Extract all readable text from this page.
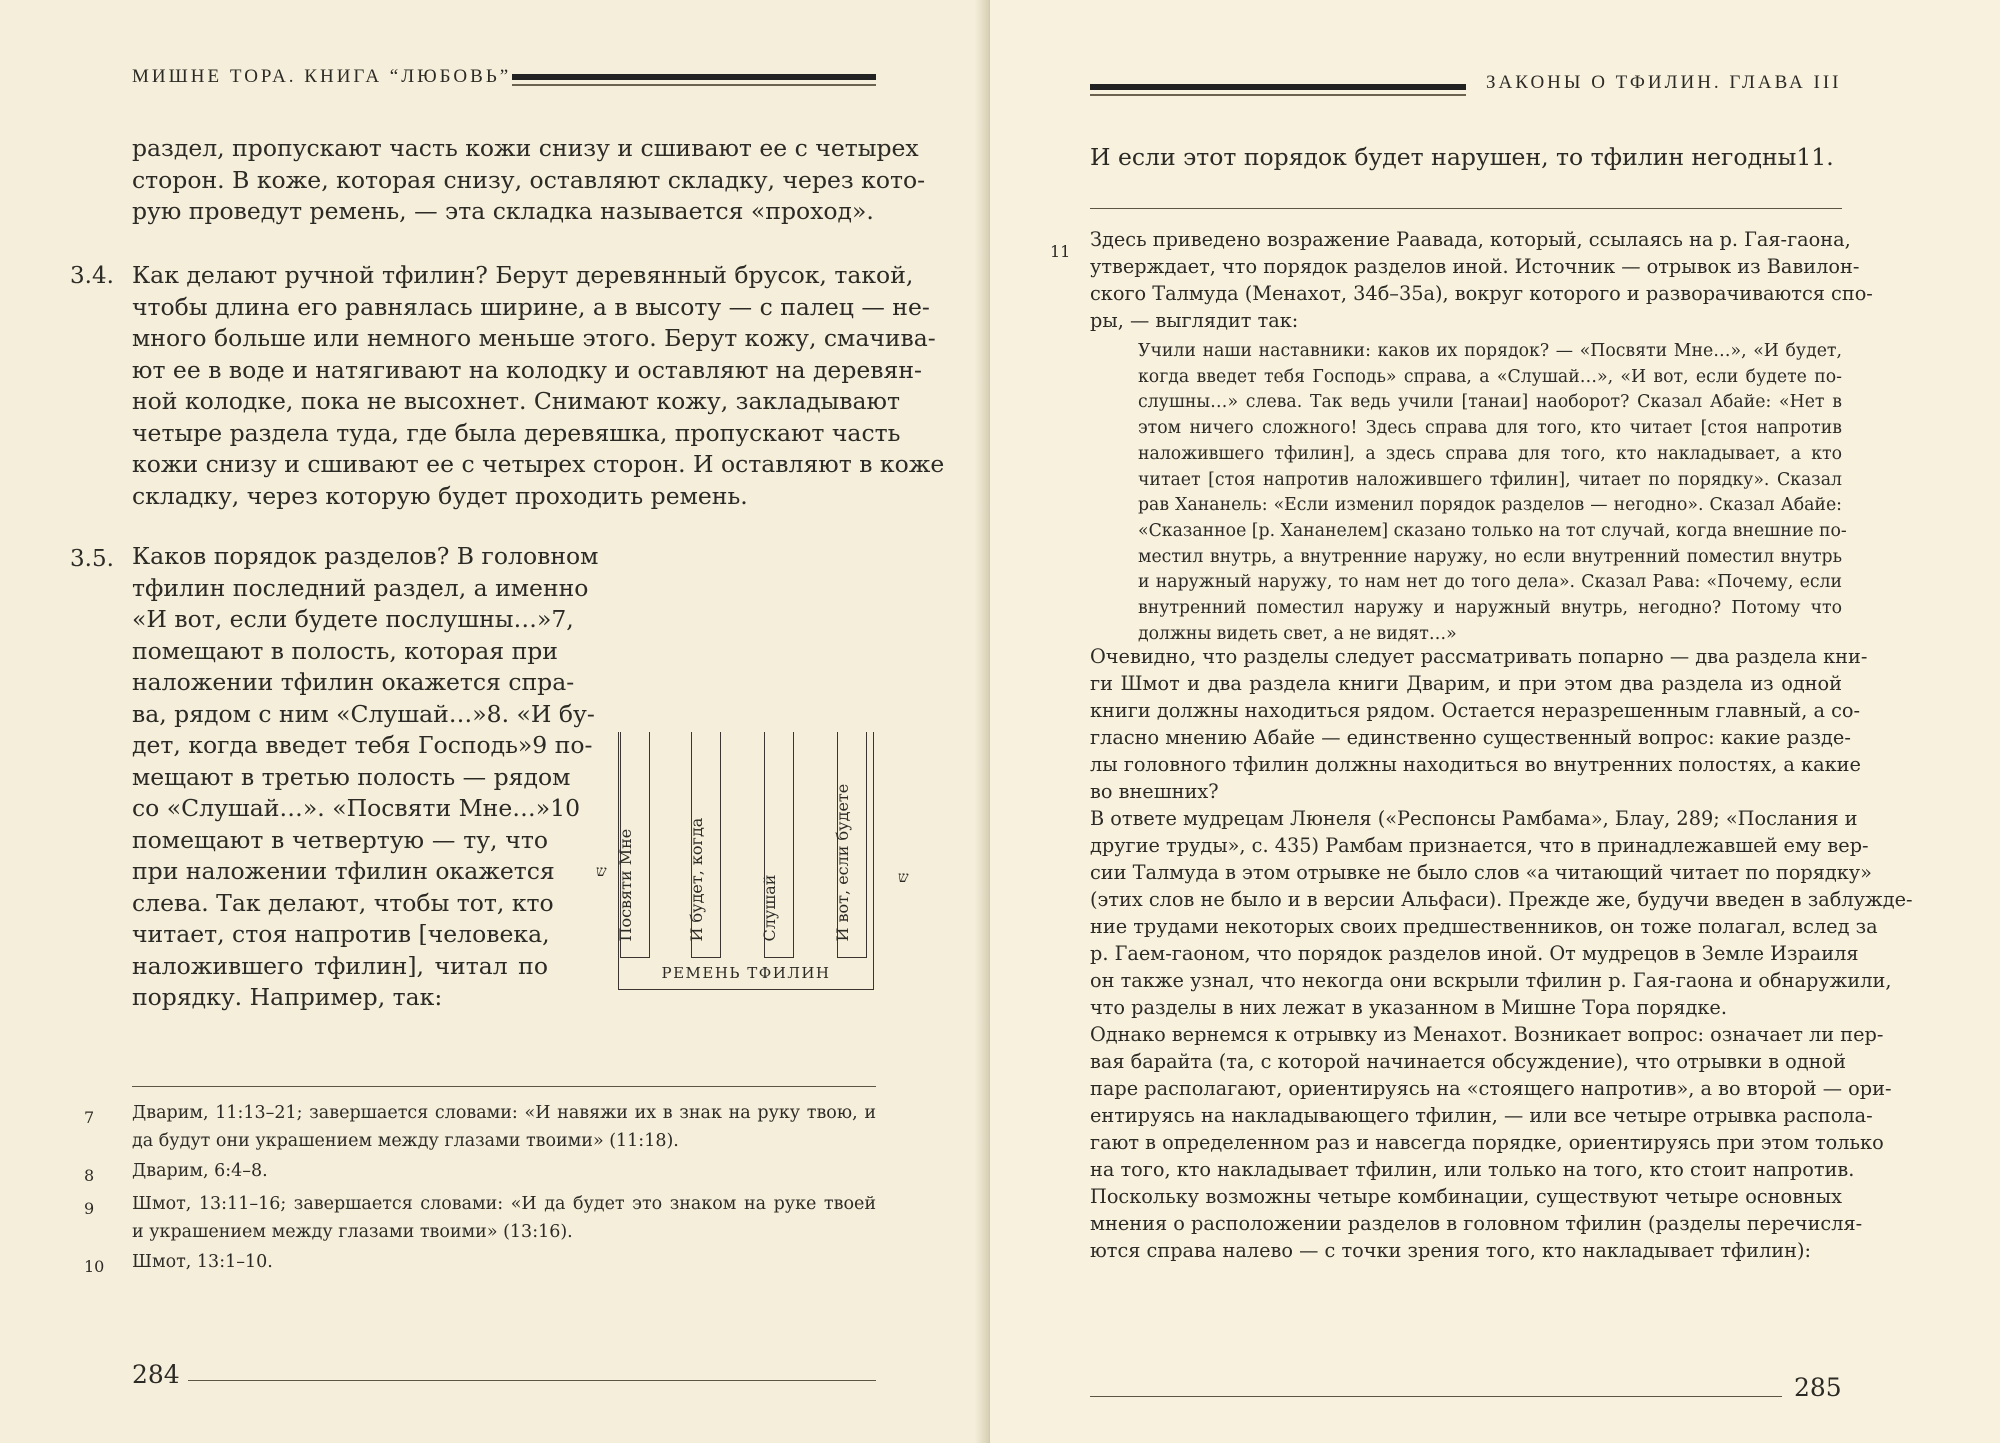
МИШНЕ ТОРА. КНИГА “ЛЮБОВЬ”
раздел, пропускают часть кожи снизу и сшивают ее с четырех
сторон. В коже, которая снизу, оставляют складку, через кото-
рую проведут ремень, — эта складка называется «проход».
3.4. Как делают ручной тфилин? Берут деревянный брусок, такой,
чтобы длина его равнялась ширине, а в высоту — с палец — не-
много больше или немного меньше этого. Берут кожу, смачива-
ют ее в воде и натягивают на колодку и оставляют на деревян-
ной колодке, пока не высохнет. Снимают кожу, закладывают
четыре раздела туда, где была деревяшка, пропускают часть
кожи снизу и сшивают ее с четырех сторон. И оставляют в коже
складку, через которую будет проходить ремень.
3.5. Каков порядок разделов? В головном
тфилин последний раздел, а именно
«И вот, если будете послушны…»7,
помещают в полость, которая при
наложении тфилин окажется спра-
ва, рядом с ним «Слушай…»8. «И бу-
дет, когда введет тебя Господь»9 по-
мещают в третью полость — рядом
со «Слушай…». «Посвяти Мне…»10
помещают в четвертую — ту, что
при наложении тфилин окажется
слева. Так делают, чтобы тот, кто
читает, стоя напротив [человека,
наложившего тфилин], читал по
порядку. Например, так:
ש	ש
Посвяти Мне	И будет, когда	Слушай	И вот, если будете
РЕМЕНЬ ТФИЛИН
7 Дварим, 11:13–21; завершается словами: «И навяжи их в знак на руку твою, и
да будут они украшением между глазами твоими» (11:18).
8 Дварим, 6:4–8.
9 Шмот, 13:11–16; завершается словами: «И да будет это знаком на руке твоей
и украшением между глазами твоими» (13:16).
10 Шмот, 13:1–10.
284
ЗАКОНЫ О ТФИЛИН. ГЛАВА III
И если этот порядок будет нарушен, то тфилин негодны11.
11
Здесь приведено возражение Раавада, который, ссылаясь на р. Гая-гаона,
утверждает, что порядок разделов иной. Источник — отрывок из Вавилон-
ского Талмуда (Менахот, 34б–35а), вокруг которого и разворачиваются спо-
ры, — выглядит так:
Учили наши наставники: каков их порядок? — «Посвяти Мне…», «И будет,
когда введет тебя Господь» справа, а «Слушай…», «И вот, если будете по-
слушны…» слева. Так ведь учили [танаи] наоборот? Сказал Абайе: «Нет в
этом ничего сложного! Здесь справа для того, кто читает [стоя напротив
наложившего тфилин], а здесь справа для того, кто накладывает, а кто
читает [стоя напротив наложившего тфилин], читает по порядку». Сказал
рав Хананель: «Если изменил порядок разделов — негодно». Сказал Абайе:
«Сказанное [р. Хананелем] сказано только на тот случай, когда внешние по-
местил внутрь, а внутренние наружу, но если внутренний поместил внутрь
и наружный наружу, то нам нет до того дела». Сказал Рава: «Почему, если
внутренний поместил наружу и наружный внутрь, негодно? Потому что
должны видеть свет, а не видят…»
Очевидно, что разделы следует рассматривать попарно — два раздела кни-
ги Шмот и два раздела книги Дварим, и при этом два раздела из одной
книги должны находиться рядом. Остается неразрешенным главный, а со-
гласно мнению Абайе — единственно существенный вопрос: какие разде-
лы головного тфилин должны находиться во внутренних полостях, а какие
во внешних?
В ответе мудрецам Люнеля («Респонсы Рамбама», Блау, 289; «Послания и
другие труды», с. 435) Рамбам признается, что в принадлежавшей ему вер-
сии Талмуда в этом отрывке не было слов «а читающий читает по порядку»
(этих слов не было и в версии Альфаси). Прежде же, будучи введен в заблужде-
ние трудами некоторых своих предшественников, он тоже полагал, вслед за
р. Гаем-гаоном, что порядок разделов иной. От мудрецов в Земле Израиля
он также узнал, что некогда они вскрыли тфилин р. Гая-гаона и обнаружили,
что разделы в них лежат в указанном в Мишне Тора порядке.
Однако вернемся к отрывку из Менахот. Возникает вопрос: означает ли пер-
вая барайта (та, с которой начинается обсуждение), что отрывки в одной
паре располагают, ориентируясь на «стоящего напротив», а во второй — ори-
ентируясь на накладывающего тфилин, — или все четыре отрывка распола-
гают в определенном раз и навсегда порядке, ориентируясь при этом только
на того, кто накладывает тфилин, или только на того, кто стоит напротив.
Поскольку возможны четыре комбинации, существуют четыре основных
мнения о расположении разделов в головном тфилин (разделы перечисля-
ются справа налево — с точки зрения того, кто накладывает тфилин):
285
